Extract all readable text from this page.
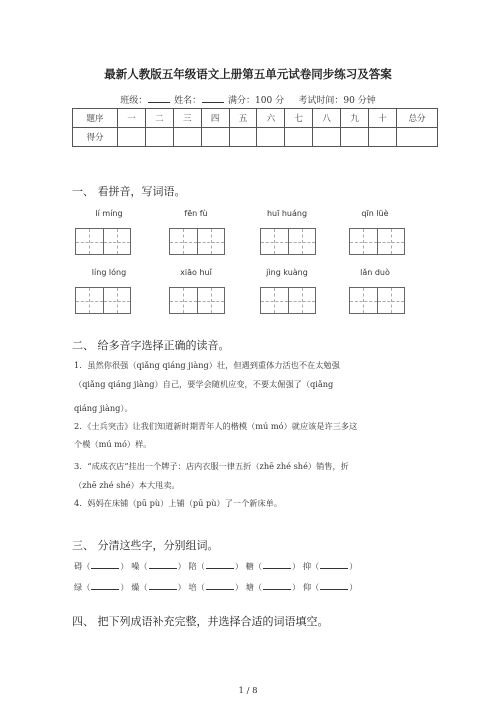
最新人教版五年级语文上册第五单元试卷同步练习及答案
班级：	姓名：	满分：100 分 考试时间：90 分钟
题序	一	二	三	四	五	六	七	八	九	十	总分
得分											
一、 看拼音，写词语。
lí míng	fēn fù	huī huáng	qīn lüè
líng lóng	xiāo huǐ	jìng kuàng	lǎn duò
二、 给多音字选择正确的读音。
1．虽然你很强（qiǎng qiáng jiàng）壮，但遇到重体力活也不在太勉强
（qiǎng qiáng jiàng）自己，要学会随机应变，不要太倔强了（qiǎng
qiáng jiàng）。
2．《士兵突击》让我们知道新时期青年人的楷模（mú mó）就应该是许三多这
个模（mú mó）样。
3．“成成衣店”挂出一个牌子：店内衣服一律五折（zhē zhé shé）销售，折
（zhē zhé shé）本大甩卖。
4．妈妈在床铺（pū pù）上铺（pū pù）了一个新床单。
三、 分清这些字，分别组词。
碍（	） 噪（	） 陪（	） 糖（	） 抑（	）
绿（	） 燥（	） 培（	） 塘（	） 仰（	）
四、 把下列成语补充完整，并选择合适的词语填空。
1 / 8
